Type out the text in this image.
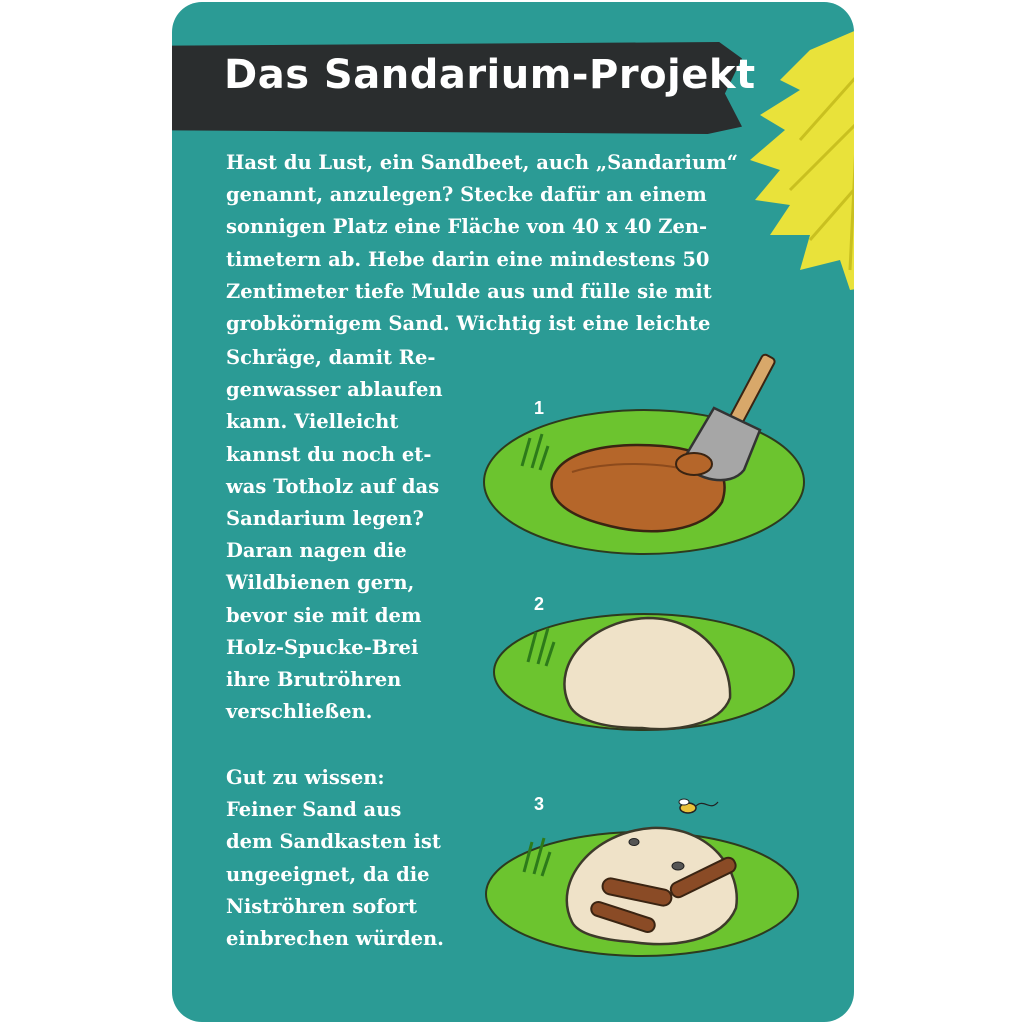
Das Sandarium-Projekt
Hast du Lust, ein Sandbeet, auch „Sandarium“
genannt, anzulegen? Stecke dafür an einem
sonnigen Platz eine Fläche von 40 x 40 Zen-
timetern ab. Hebe darin eine mindestens 50
Zentimeter tiefe Mulde aus und fülle sie mit
grobkörnigem Sand. Wichtig ist eine leichte
Schräge, damit Re-
genwasser ablaufen
kann. Vielleicht
kannst du noch et-
was Totholz auf das
Sandarium legen?
Daran nagen die
Wildbienen gern,
bevor sie mit dem
Holz-Spucke-Brei
ihre Brutröhren
verschließen.
Gut zu wissen:
Feiner Sand aus
dem Sandkasten ist
ungeeignet, da die
Niströhren sofort
einbrechen würden.
1
2
3
